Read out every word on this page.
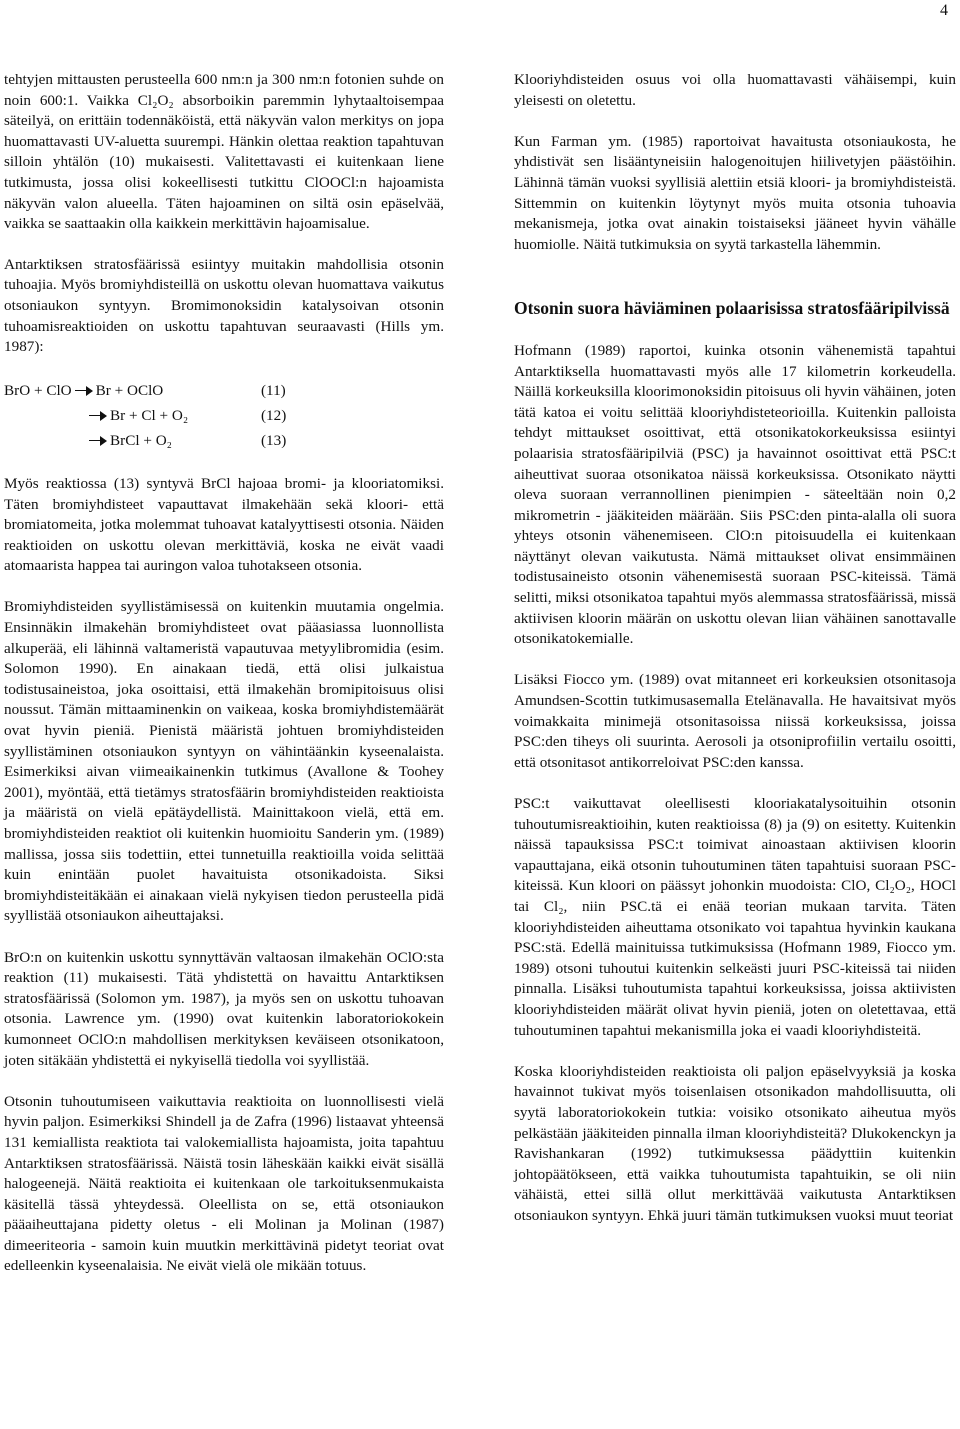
4

tehtyjen mittausten perusteella 600 nm:n ja 300 nm:n fotonien suhde on noin 600:1. Vaikka Cl₂O₂ absorboikin paremmin lyhytaaltoisempaa säteilyä, on erittäin todennäköistä, että näkyvän valon merkitys on jopa huomattavasti UV-aluetta suurempi. Hänkin olettaa reaktion tapahtuvan silloin yhtälön (10) mukaisesti. Valitettavasti ei kuitenkaan liene tutkimusta, jossa olisi kokeellisesti tutkittu ClOOCl:n hajoamista näkyvän valon alueella. Täten hajoaminen on siltä osin epäselvää, vaikka se saattaakin olla kaikkein merkittävin hajoamisalue.

Antarktiksen stratosfäärissä esiintyy muitakin mahdollisia otsonin tuhoajia. Myös bromiyhdisteillä on uskottu olevan huomattava vaikutus otsoniaukon syntyyn. Bromimonoksidin katalysoivan otsonin tuhoamisreaktioiden on uskottu tapahtuvan seuraavasti (Hills ym. 1987):

BrO + ClO Br + OClO	(11)
Br + Cl + O₂	(12)
BrCl + O₂	(13)

Myös reaktiossa (13) syntyvä BrCl hajoaa bromi- ja klooriatomiksi. Täten bromiyhdisteet vapauttavat ilmakehään sekä kloori- että bromiatomeita, jotka molemmat tuhoavat katalyyttisesti otsonia. Näiden reaktioiden on uskottu olevan merkittäviä, koska ne eivät vaadi atomaarista happea tai auringon valoa tuhotakseen otsonia.

Bromiyhdisteiden syyllistämisessä on kuitenkin muutamia ongelmia. Ensinnäkin ilmakehän bromiyhdisteet ovat pääasiassa luonnollista alkuperää, eli lähinnä valtameristä vapautuvaa metyylibromidia (esim. Solomon 1990). En ainakaan tiedä, että olisi julkaistua todistusaineistoa, joka osoittaisi, että ilmakehän bromipitoisuus olisi noussut. Tämän mittaaminenkin on vaikeaa, koska bromiyhdistemäärät ovat hyvin pieniä. Pienistä määristä johtuen bromiyhdisteiden syyllistäminen otsoniaukon syntyyn on vähintäänkin kyseenalaista. Esimerkiksi aivan viimeaikainenkin tutkimus (Avallone & Toohey 2001), myöntää, että tietämys stratosfäärin bromiyhdisteiden reaktioista ja määristä on vielä epätäydellistä. Mainittakoon vielä, että em. bromiyhdisteiden reaktiot oli kuitenkin huomioitu Sanderin ym. (1989) mallissa, jossa siis todettiin, ettei tunnetuilla reaktioilla voida selittää kuin enintään puolet havaituista otsonikadoista. Siksi bromiyhdisteitäkään ei ainakaan vielä nykyisen tiedon perusteella pidä syyllistää otsoniaukon aiheuttajaksi.

BrO:n on kuitenkin uskottu synnyttävän valtaosan ilmakehän OClO:sta reaktion (11) mukaisesti. Tätä yhdistettä on havaittu Antarktiksen stratosfäärissä (Solomon ym. 1987), ja myös sen on uskottu tuhoavan otsonia. Lawrence ym. (1990) ovat kuitenkin laboratoriokokein kumonneet OClO:n mahdollisen merkityksen keväiseen otsonikatoon, joten sitäkään yhdistettä ei nykyisellä tiedolla voi syyllistää.

Otsonin tuhoutumiseen vaikuttavia reaktioita on luonnollisesti vielä hyvin paljon. Esimerkiksi Shindell ja de Zafra (1996) listaavat yhteensä 131 kemiallista reaktiota tai valokemiallista hajoamista, joita tapahtuu Antarktiksen stratosfäärissä. Näistä tosin läheskään kaikki eivät sisällä halogeenejä. Näitä reaktioita ei kuitenkaan ole tarkoituksenmukaista käsitellä tässä yhteydessä. Oleellista on se, että otsoniaukon pääaiheuttajana pidetty oletus - eli Molinan ja Molinan (1987) dimeeriteoria - samoin kuin muutkin merkittävinä pidetyt teoriat ovat edelleenkin kyseenalaisia. Ne eivät vielä ole mikään totuus.

Klooriyhdisteiden osuus voi olla huomattavasti vähäisempi, kuin yleisesti on oletettu.

Kun Farman ym. (1985) raportoivat havaitusta otsoniaukosta, he yhdistivät sen lisääntyneisiin halogenoitujen hiilivetyjen päästöihin. Lähinnä tämän vuoksi syyllisiä alettiin etsiä kloori- ja bromiyhdisteistä. Sittemmin on kuitenkin löytynyt myös muita otsonia tuhoavia mekanismeja, jotka ovat ainakin toistaiseksi jääneet hyvin vähälle huomiolle. Näitä tutkimuksia on syytä tarkastella lähemmin.

Otsonin suora häviäminen polaarisissa stratosfääripilvissä

Hofmann (1989) raportoi, kuinka otsonin vähenemistä tapahtui Antarktiksella huomattavasti myös alle 17 kilometrin korkeudella. Näillä korkeuksilla kloorimonoksidin pitoisuus oli hyvin vähäinen, joten tätä katoa ei voitu selittää klooriyhdisteteorioilla. Kuitenkin palloista tehdyt mittaukset osoittivat, että otsonikatokorkeuksissa esiintyi polaarisia stratosfääripilviä (PSC) ja havainnot osoittivat että PSC:t aiheuttivat suoraa otsonikatoa näissä korkeuksissa. Otsonikato näytti oleva suoraan verrannollinen pienimpien - säteeltään noin 0,2 mikrometrin - jääkiteiden määrään. Siis PSC:den pinta-alalla oli suora yhteys otsonin vähenemiseen. ClO:n pitoisuudella ei kuitenkaan näyttänyt olevan vaikutusta. Nämä mittaukset olivat ensimmäinen todistusaineisto otsonin vähenemisestä suoraan PSC-kiteissä. Tämä selitti, miksi otsonikatoa tapahtui myös alemmassa stratosfäärissä, missä aktiivisen kloorin määrän on uskottu olevan liian vähäinen sanottavalle otsonikatokemialle.

Lisäksi Fiocco ym. (1989) ovat mitanneet eri korkeuksien otsonitasoja Amundsen-Scottin tutkimusasemalla Etelänavalla. He havaitsivat myös voimakkaita minimejä otsonitasoissa niissä korkeuksissa, joissa PSC:den tiheys oli suurinta. Aerosoli ja otsoniprofiilin vertailu osoitti, että otsonitasot antikorreloivat PSC:den kanssa.

PSC:t vaikuttavat oleellisesti klooriakatalysoituihin otsonin tuhoutumisreaktioihin, kuten reaktioissa (8) ja (9) on esitetty. Kuitenkin näissä tapauksissa PSC:t toimivat ainoastaan aktiivisen kloorin vapauttajana, eikä otsonin tuhoutuminen täten tapahtuisi suoraan PSC-kiteissä. Kun kloori on päässyt johonkin muodoista: ClO, Cl₂O₂, HOCl tai Cl₂, niin PSC.tä ei enää teorian mukaan tarvita. Täten klooriyhdisteiden aiheuttama otsonikato voi tapahtua hyvinkin kaukana PSC:stä. Edellä mainituissa tutkimuksissa (Hofmann 1989, Fiocco ym. 1989) otsoni tuhoutui kuitenkin selkeästi juuri PSC-kiteissä tai niiden pinnalla. Lisäksi tuhoutumista tapahtui korkeuksissa, joissa aktiivisten klooriyhdisteiden määrät olivat hyvin pieniä, joten on oletettavaa, että tuhoutuminen tapahtui mekanismilla joka ei vaadi klooriyhdisteitä.

Koska klooriyhdisteiden reaktioista oli paljon epäselvyyksiä ja koska havainnot tukivat myös toisenlaisen otsonikadon mahdollisuutta, oli syytä laboratoriokokein tutkia: voisiko otsonikato aiheutua myös pelkästään jääkiteiden pinnalla ilman klooriyhdisteitä? Dlukokenckyn ja Ravishankaran (1992) tutkimuksessa päädyttiin kuitenkin johtopäätökseen, että vaikka tuhoutumista tapahtuikin, se oli niin vähäistä, ettei sillä ollut merkittävää vaikutusta Antarktiksen otsoniaukon syntyyn. Ehkä juuri tämän tutkimuksen vuoksi muut teoriat
